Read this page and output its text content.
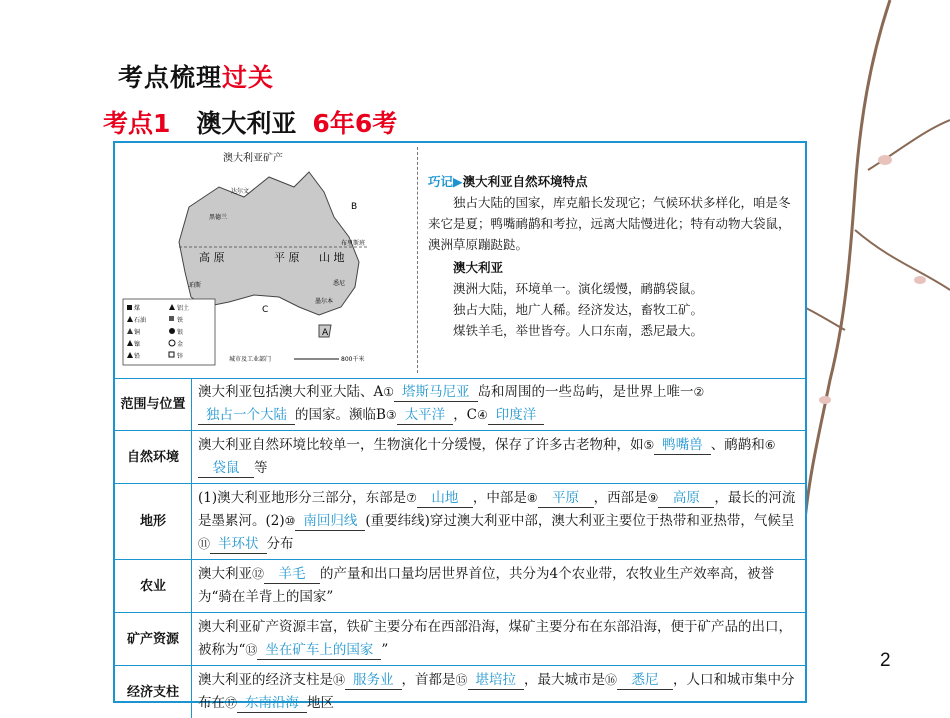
考点梳理过关
考点1 澳大利亚 6年6考
澳大利亚矿产
B
C
A
高 原	平 原 山 地
达尔文
黑德兰
珀斯	悉尼
墨尔本
布里斯班
煤	铝土
石油	铁
铜	银
镍	金
铅	锌	城市及工业部门	800千米
巧记▶澳大利亚自然环境特点

独占大陆的国家，库克船长发现它；气候环状多样化，咱是冬来它是夏；鸭嘴鸸鹋和考拉，远离大陆慢进化；特有动物大袋鼠，澳洲草原蹦跶跶。

澳大利亚

澳洲大陆，环境单一。演化缓慢，鸸鹋袋鼠。

独占大陆，地广人稀。经济发达，畜牧工矿。

煤铁羊毛，举世皆夸。人口东南，悉尼最大。

范围与位置	澳大利亚包括澳大利亚大陆、A① 塔斯马尼亚 岛和周围的一些岛屿，是世界上唯一②独占一个大陆 的国家。濒临B③ 太平洋 ，C④ 印度洋
自然环境	澳大利亚自然环境比较单一，生物演化十分缓慢，保存了许多古老物种，如⑤ 鸭嘴兽 、鸸鹋和⑥袋鼠 等
地形	(1)澳大利亚地形分三部分，东部是⑦ 山地 ，中部是⑧ 平原 ，西部是⑨ 高原 ，最长的河流是墨累河。(2)⑩ 南回归线 (重要纬线)穿过澳大利亚中部，澳大利亚主要位于热带和亚热带，气候呈⑪ 半环状 分布
农业	澳大利亚⑫ 羊毛 的产量和出口量均居世界首位，共分为4个农业带，农牧业生产效率高，被誉为“骑在羊背上的国家”
矿产资源	澳大利亚矿产资源丰富，铁矿主要分布在西部沿海，煤矿主要分布在东部沿海，便于矿产品的出口，被称为“⑬ 坐在矿车上的国家 ”
经济支柱	澳大利亚的经济支柱是⑭ 服务业 ，首都是⑮ 堪培拉 ，最大城市是⑯ 悉尼 ，人口和城市集中分布在⑰ 东南沿海 地区
2
